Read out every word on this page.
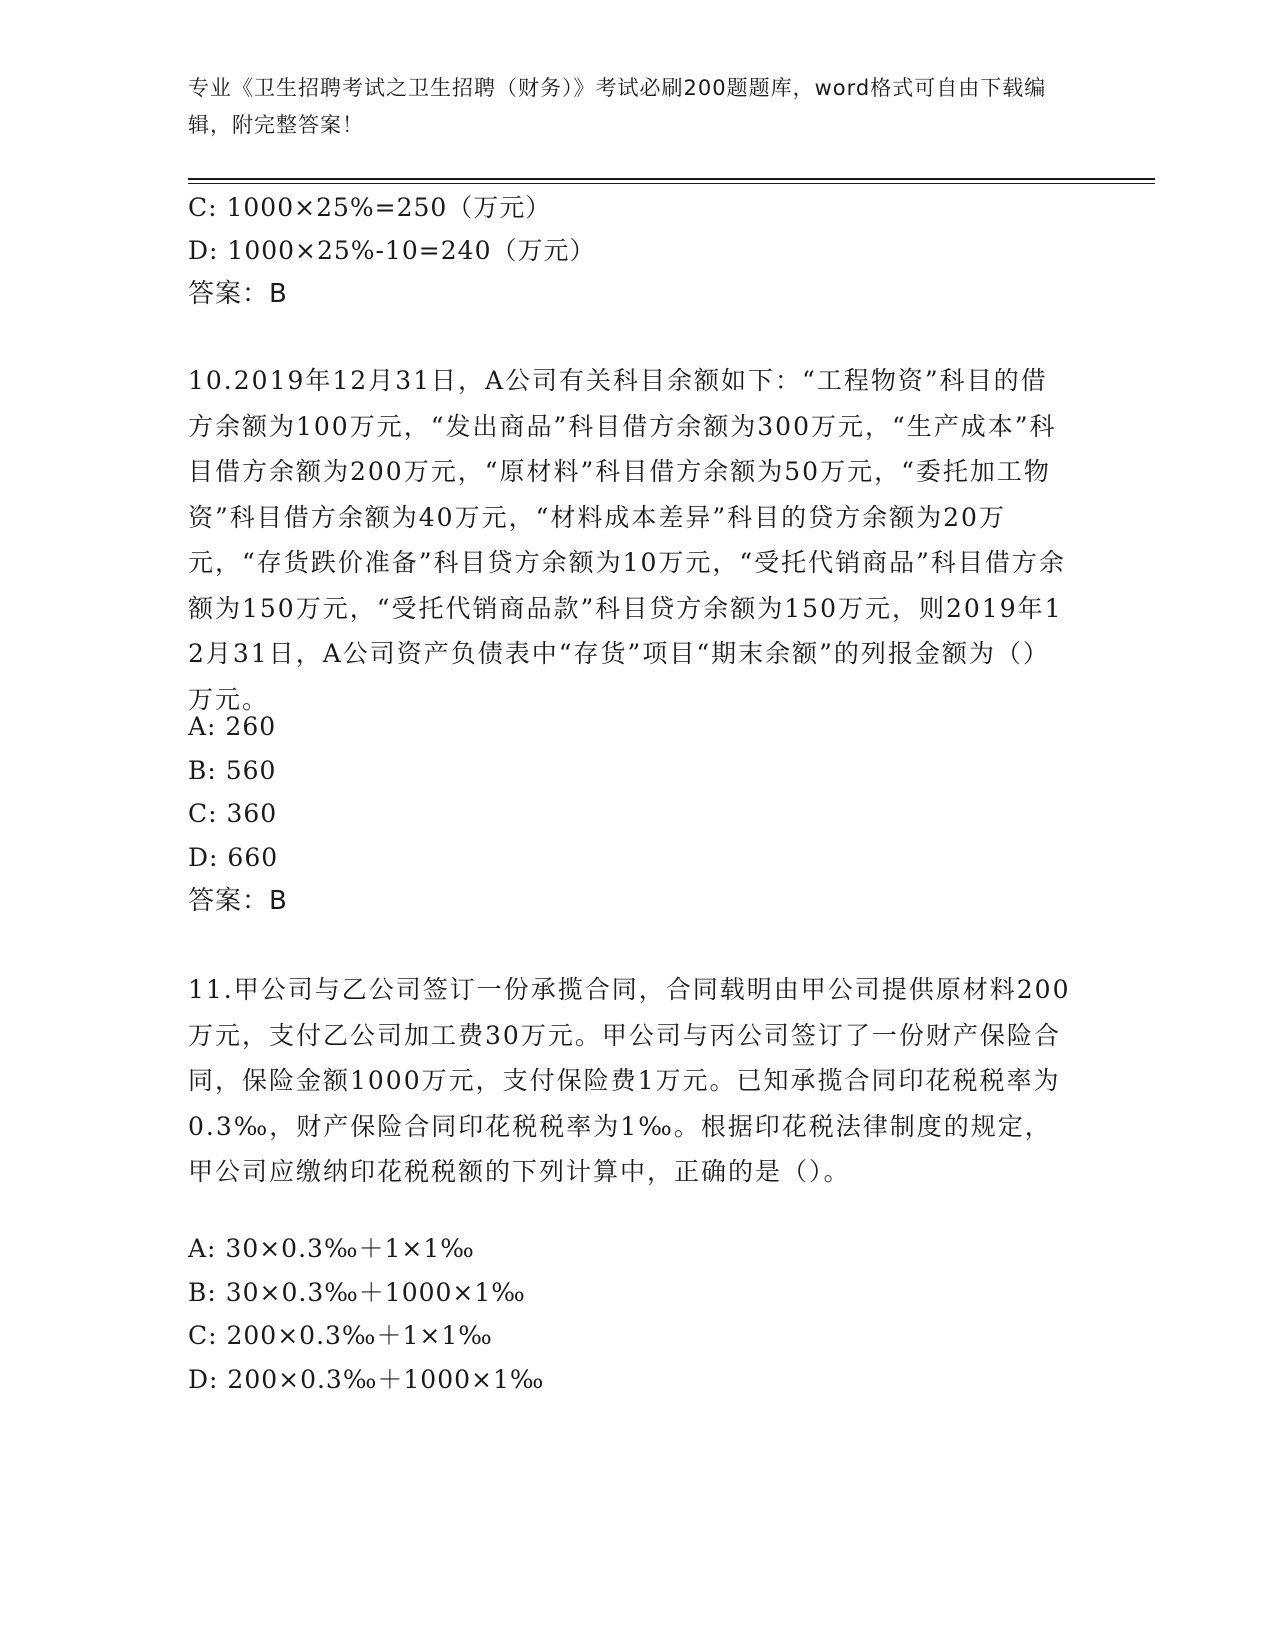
专业《卫生招聘考试之卫生招聘（财务）》考试必刷200题题库，word格式可自由下载编辑，附完整答案！
C: 1000×25%=250（万元）
D: 1000×25%-10=240（万元）
答案：B
10.2019年12月31日，A公司有关科目余额如下：“工程物资”科目的借方余额为100万元，“发出商品”科目借方余额为300万元，“生产成本”科目借方余额为200万元，“原材料”科目借方余额为50万元，“委托加工物资”科目借方余额为40万元，“材料成本差异”科目的贷方余额为20万元，“存货跌价准备”科目贷方余额为10万元，“受托代销商品”科目借方余额为150万元，“受托代销商品款”科目贷方余额为150万元，则2019年12月31日，A公司资产负债表中“存货”项目“期末余额”的列报金额为（）万元。
A: 260
B: 560
C: 360
D: 660
答案：B
11.甲公司与乙公司签订一份承揽合同，合同载明由甲公司提供原材料200万元，支付乙公司加工费30万元。甲公司与丙公司签订了一份财产保险合同，保险金额1000万元，支付保险费1万元。已知承揽合同印花税税率为0.3‰，财产保险合同印花税税率为1‰。根据印花税法律制度的规定，甲公司应缴纳印花税税额的下列计算中，正确的是（）。
A: 30×0.3‰＋1×1‰
B: 30×0.3‰＋1000×1‰
C: 200×0.3‰＋1×1‰
D: 200×0.3‰＋1000×1‰
